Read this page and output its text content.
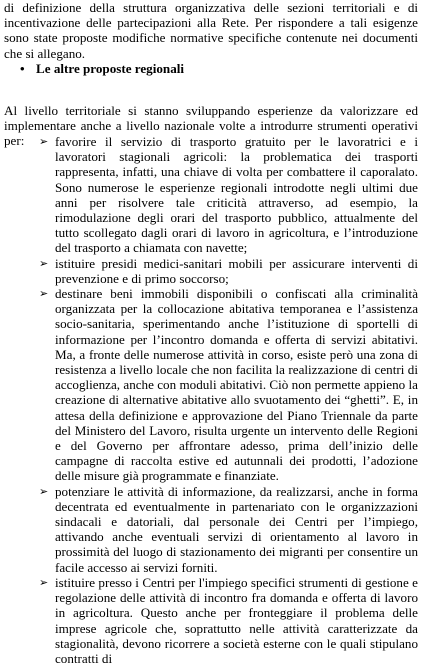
di definizione della struttura organizzativa delle sezioni territoriali e di incentivazione delle partecipazioni alla Rete. Per rispondere a tali esigenze sono state proposte modifiche normative specifiche contenute nei documenti che si allegano.

• Le altre proposte regionali

Al livello territoriale si stanno sviluppando esperienze da valorizzare ed implementare anche a livello nazionale volte a introdurre strumenti operativi per:	➢ favorire il servizio di trasporto gratuito per le lavoratrici e i lavoratori stagionali agricoli: la problematica dei trasporti rappresenta, infatti, una chiave di volta per combattere il caporalato. Sono numerose le esperienze regionali introdotte negli ultimi due anni per risolvere tale criticità attraverso, ad esempio, la rimodulazione degli orari del trasporto pubblico, attualmente del tutto scollegato dagli orari di lavoro in agricoltura, e l’introduzione del trasporto a chiamata con navette;
➢ istituire presidi medici-sanitari mobili per assicurare interventi di prevenzione e di primo soccorso;
➢ destinare beni immobili disponibili o confiscati alla criminalità organizzata per la collocazione abitativa temporanea e l’assistenza socio-sanitaria, sperimentando anche l’istituzione di sportelli di informazione per l’incontro domanda e offerta di servizi abitativi. Ma, a fronte delle numerose attività in corso, esiste però una zona di resistenza a livello locale che non facilita la realizzazione di centri di accoglienza, anche con moduli abitativi. Ciò non permette appieno la creazione di alternative abitative allo svuotamento dei “ghetti”. E, in attesa della definizione e approvazione del Piano Triennale da parte del Ministero del Lavoro, risulta urgente un intervento delle Regioni e del Governo per affrontare adesso, prima dell’inizio delle campagne di raccolta estive ed autunnali dei prodotti, l’adozione delle misure già programmate e finanziate.
➢ potenziare le attività di informazione, da realizzarsi, anche in forma decentrata ed eventualmente in partenariato con le organizzazioni sindacali e datoriali, dal personale dei Centri per l’impiego, attivando anche eventuali servizi di orientamento al lavoro in prossimità del luogo di stazionamento dei migranti per consentire un facile accesso ai servizi forniti.
➢ istituire presso i Centri per l'impiego specifici strumenti di gestione e regolazione delle attività di incontro fra domanda e offerta di lavoro in agricoltura. Questo anche per fronteggiare il problema delle imprese agricole che, soprattutto nelle attività caratterizzate da stagionalità, devono ricorrere a società esterne con le quali stipulano contratti di
